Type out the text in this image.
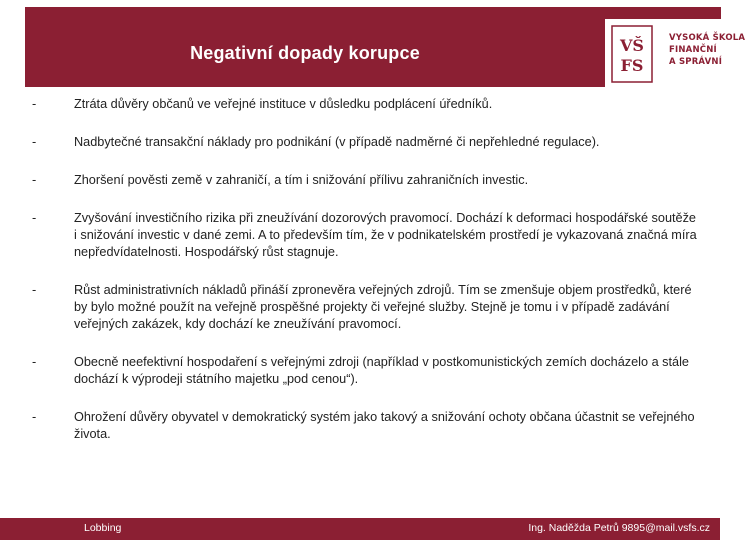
Negativní dopady korupce	VŠ
FS
VYSOKÁ ŠKOLA
FINANČNÍ
A SPRÁVNÍ
-	Ztráta důvěry občanů ve veřejné instituce v důsledku podplácení úředníků.
-	Nadbytečné transakční náklady pro podnikání (v případě nadměrné či nepřehledné regulace).
-	Zhoršení pověsti země v zahraničí, a tím i snižování přílivu zahraničních investic.
-	Zvyšování investičního rizika při zneužívání dozorových pravomocí. Dochází k deformaci hospodářské soutěže i snižování investic v dané zemi. A to především tím, že v podnikatelském prostředí je vykazovaná značná míra nepředvídatelnosti. Hospodářský růst stagnuje.
-	Růst administrativních nákladů přináší zpronevěra veřejných zdrojů. Tím se zmenšuje objem prostředků, které by bylo možné použít na veřejně prospěšné projekty či veřejné služby. Stejně je tomu i v případě zadávání veřejných zakázek, kdy dochází ke zneužívání pravomocí.
-	Obecně neefektivní hospodaření s veřejnými zdroji (například v postkomunistických zemích docházelo a stále dochází k výprodeji státního majetku „pod cenou“).
-	Ohrožení důvěry obyvatel v demokratický systém jako takový a snižování ochoty občana účastnit se veřejného života.
Lobbing	Ing. Naděžda Petrů 9895@mail.vsfs.cz
